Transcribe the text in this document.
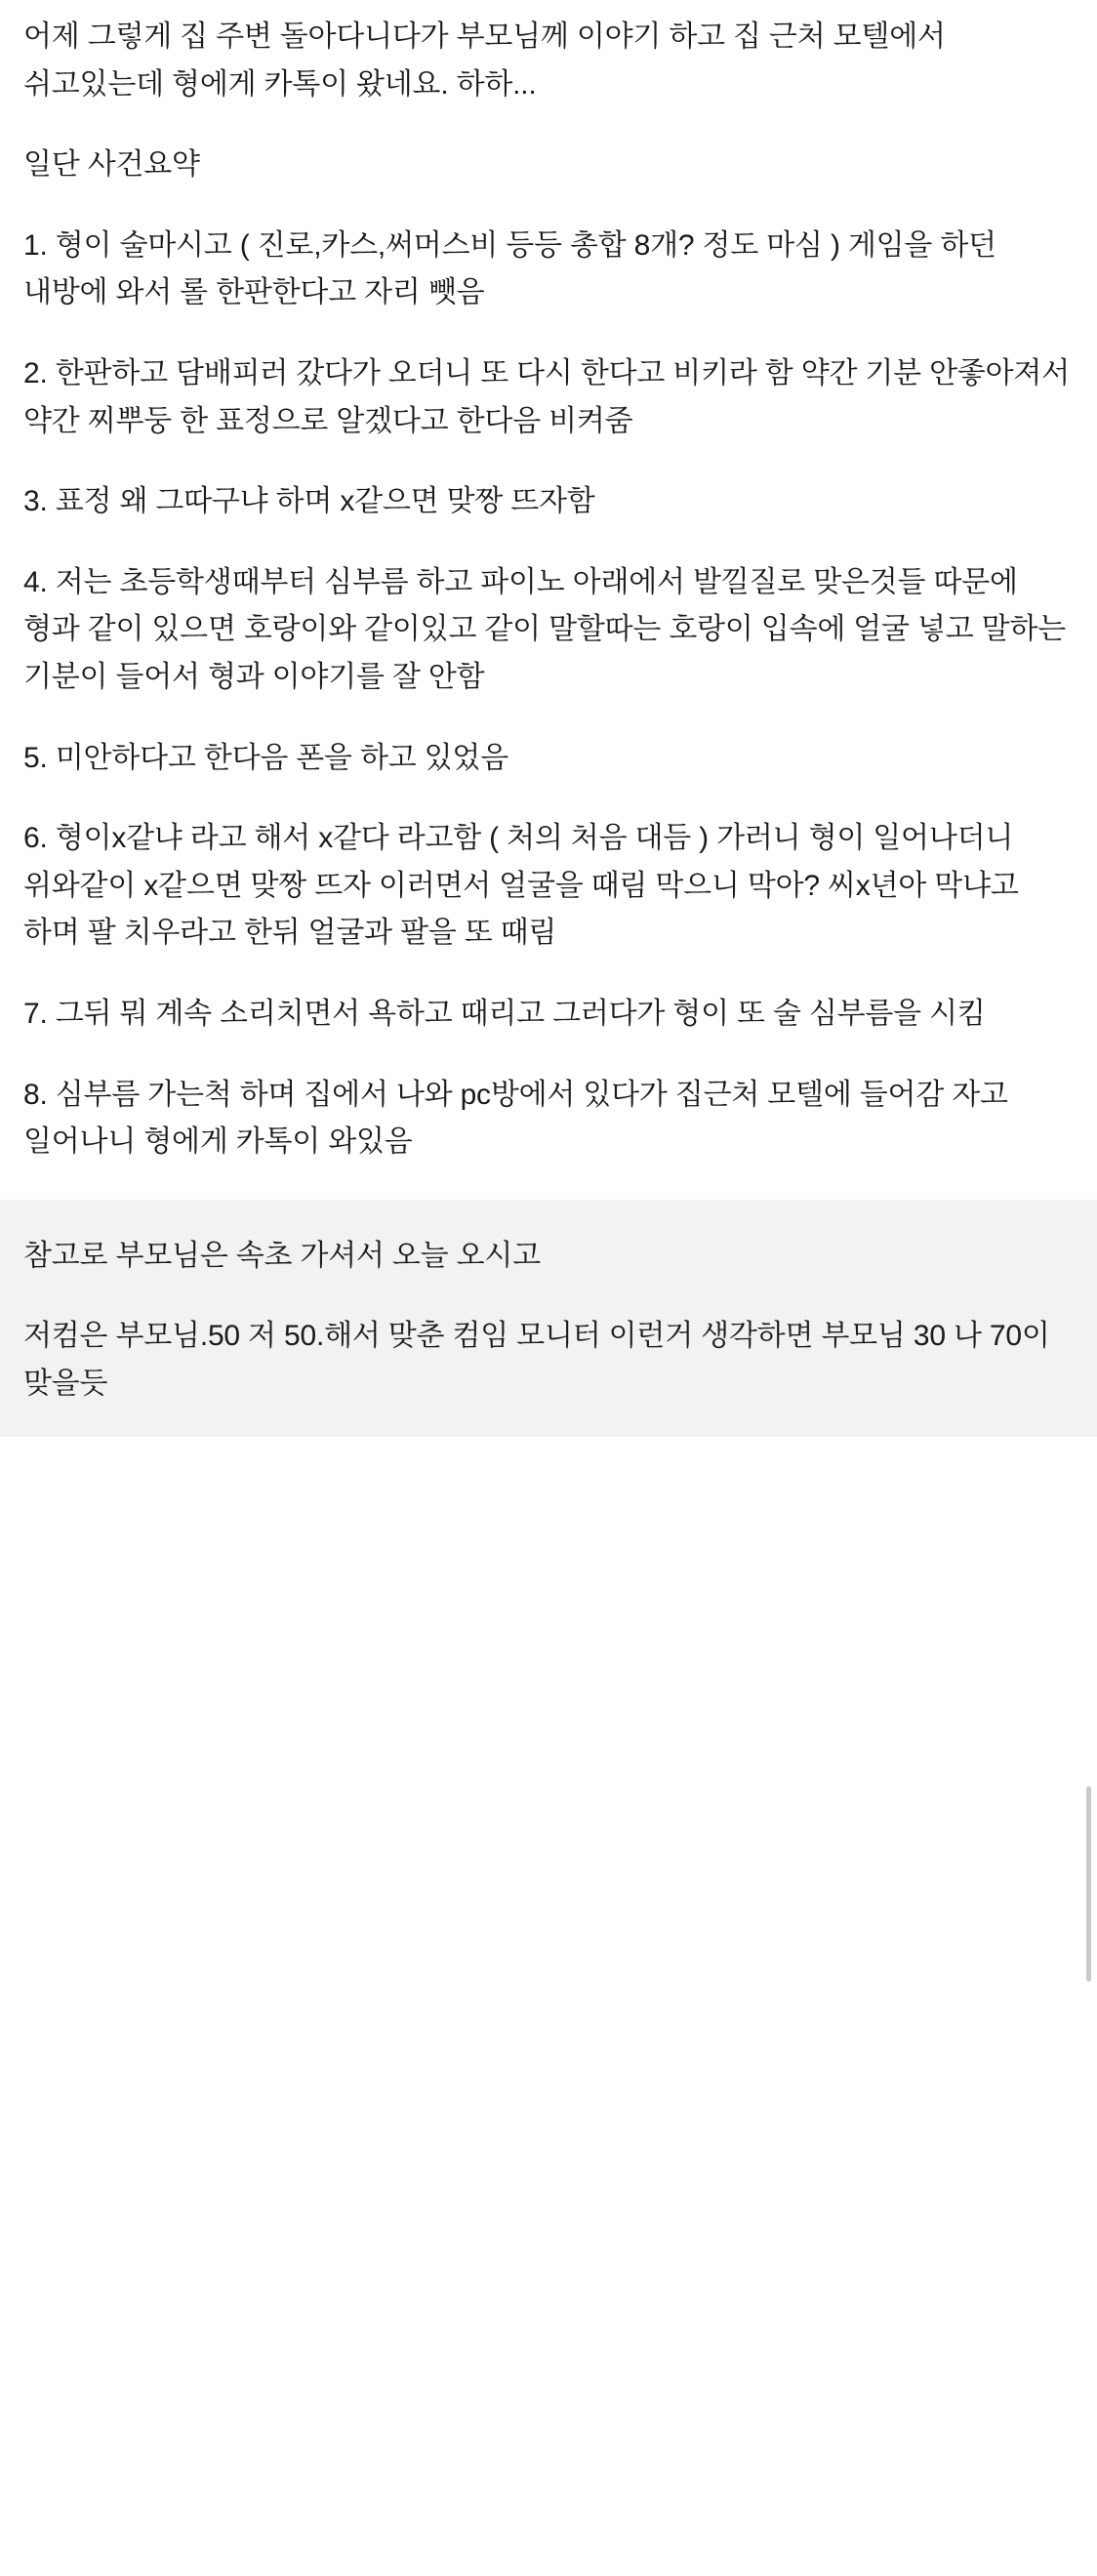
어제 그렇게 집 주변 돌아다니다가 부모님께 이야기 하고 집 근처 모텔에서 쉬고있는데 형에게 카톡이 왔네요. 하하...

일단 사건요약

1. 형이 술마시고 ( 진로,카스,써머스비 등등 총합 8개? 정도 마심 ) 게임을 하던 내방에 와서 롤 한판한다고 자리 뺏음

2. 한판하고 담배피러 갔다가 오더니 또 다시 한다고 비키라 함 약간 기분 안좋아져서 약간 찌뿌둥 한 표정으로 알겠다고 한다음 비켜줌

3. 표정 왜 그따구냐 하며 x같으면 맞짱 뜨자함

4. 저는 초등학생때부터 심부름 하고 파이노 아래에서 발낄질로 맞은것들 따문에 형과 같이 있으면 호랑이와 같이있고 같이 말할따는 호랑이 입속에 얼굴 넣고 말하는 기분이 들어서 형과 이야기를 잘 안함

5. 미안하다고 한다음 폰을 하고 있었음

6. 형이x같냐 라고 해서 x같다 라고함 ( 처의 처음 대듬 ) 가러니 형이 일어나더니 위와같이 x같으면 맞짱 뜨자 이러면서 얼굴을 때림 막으니 막아? 씨x년아 막냐고 하며 팔 치우라고 한뒤 얼굴과 팔을 또 때림

7. 그뒤 뭐 계속 소리치면서 욕하고 때리고 그러다가 형이 또 술 심부름을 시킴

8. 심부름 가는척 하며 집에서 나와 pc방에서 있다가 집근처 모텔에 들어감 자고 일어나니 형에게 카톡이 와있음

참고로 부모님은 속초 가셔서 오늘 오시고

저컴은 부모님.50 저 50.해서 맞춘 컴임 모니터 이런거 생각하면 부모님 30 나 70이 맞을듯
